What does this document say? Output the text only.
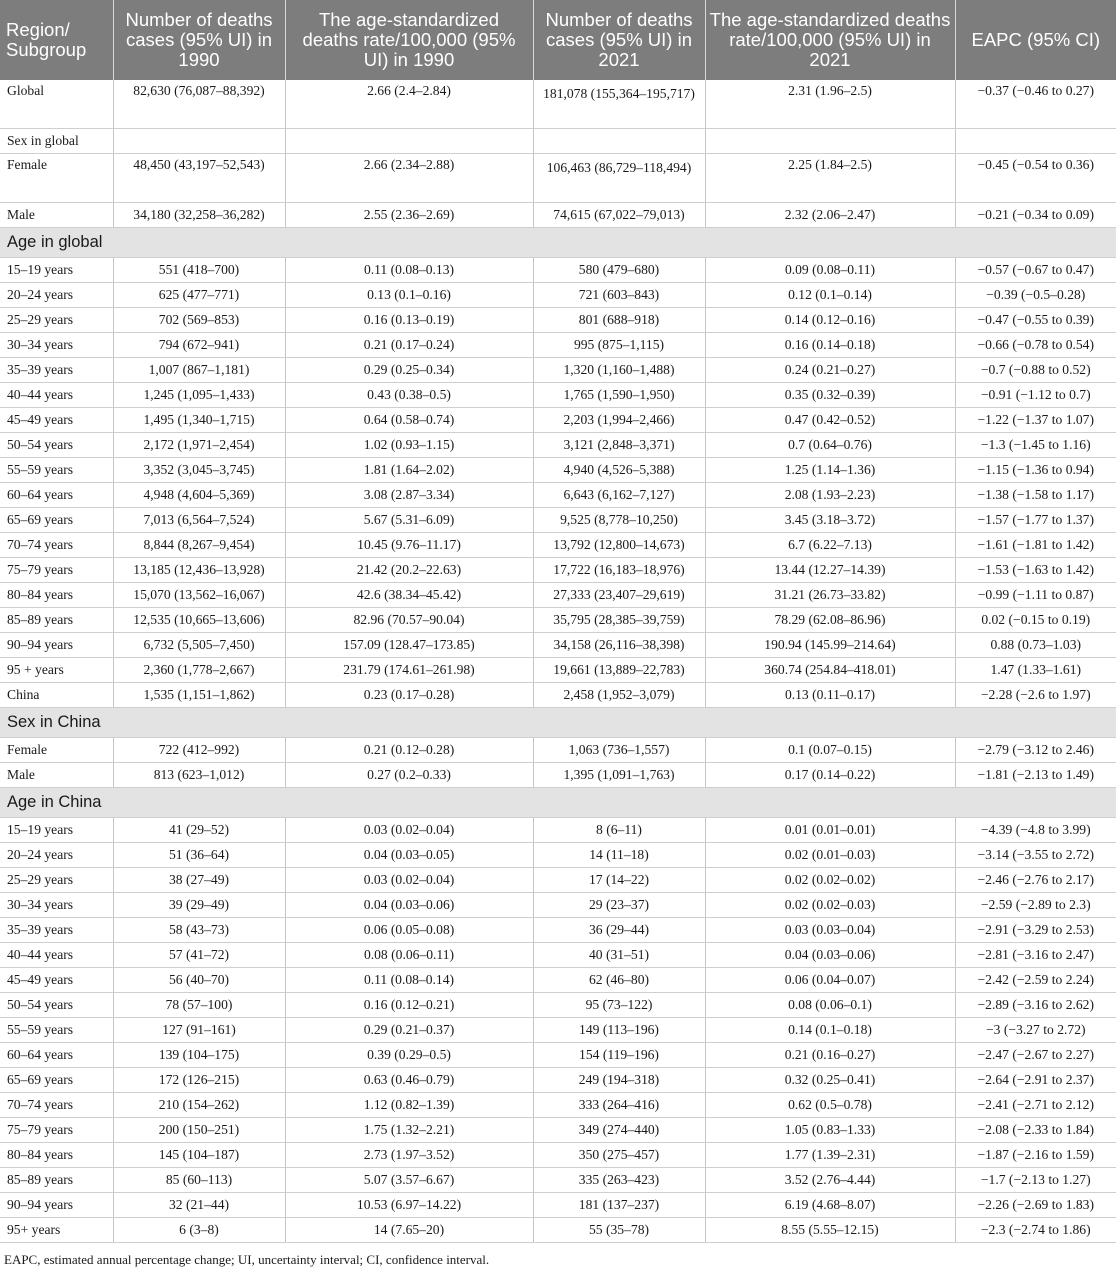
Region/ Subgroup	Number of deaths cases (95% UI) in 1990	The age-standardized deaths rate/100,000 (95% UI) in 1990	Number of deaths cases (95% UI) in 2021	The age-standardized deaths rate/100,000 (95% UI) in 2021	EAPC (95% CI)
Global	82,630 (76,087–88,392)	2.66 (2.4–2.84)	181,078 (155,364–195,717)	2.31 (1.96–2.5)	−0.37 (−0.46 to 0.27)
Sex in global					
Female	48,450 (43,197–52,543)	2.66 (2.34–2.88)	106,463 (86,729–118,494)	2.25 (1.84–2.5)	−0.45 (−0.54 to 0.36)
Male	34,180 (32,258–36,282)	2.55 (2.36–2.69)	74,615 (67,022–79,013)	2.32 (2.06–2.47)	−0.21 (−0.34 to 0.09)
Age in global					
15–19 years	551 (418–700)	0.11 (0.08–0.13)	580 (479–680)	0.09 (0.08–0.11)	−0.57 (−0.67 to 0.47)
20–24 years	625 (477–771)	0.13 (0.1–0.16)	721 (603–843)	0.12 (0.1–0.14)	−0.39 (−0.5–0.28)
25–29 years	702 (569–853)	0.16 (0.13–0.19)	801 (688–918)	0.14 (0.12–0.16)	−0.47 (−0.55 to 0.39)
30–34 years	794 (672–941)	0.21 (0.17–0.24)	995 (875–1,115)	0.16 (0.14–0.18)	−0.66 (−0.78 to 0.54)
35–39 years	1,007 (867–1,181)	0.29 (0.25–0.34)	1,320 (1,160–1,488)	0.24 (0.21–0.27)	−0.7 (−0.88 to 0.52)
40–44 years	1,245 (1,095–1,433)	0.43 (0.38–0.5)	1,765 (1,590–1,950)	0.35 (0.32–0.39)	−0.91 (−1.12 to 0.7)
45–49 years	1,495 (1,340–1,715)	0.64 (0.58–0.74)	2,203 (1,994–2,466)	0.47 (0.42–0.52)	−1.22 (−1.37 to 1.07)
50–54 years	2,172 (1,971–2,454)	1.02 (0.93–1.15)	3,121 (2,848–3,371)	0.7 (0.64–0.76)	−1.3 (−1.45 to 1.16)
55–59 years	3,352 (3,045–3,745)	1.81 (1.64–2.02)	4,940 (4,526–5,388)	1.25 (1.14–1.36)	−1.15 (−1.36 to 0.94)
60–64 years	4,948 (4,604–5,369)	3.08 (2.87–3.34)	6,643 (6,162–7,127)	2.08 (1.93–2.23)	−1.38 (−1.58 to 1.17)
65–69 years	7,013 (6,564–7,524)	5.67 (5.31–6.09)	9,525 (8,778–10,250)	3.45 (3.18–3.72)	−1.57 (−1.77 to 1.37)
70–74 years	8,844 (8,267–9,454)	10.45 (9.76–11.17)	13,792 (12,800–14,673)	6.7 (6.22–7.13)	−1.61 (−1.81 to 1.42)
75–79 years	13,185 (12,436–13,928)	21.42 (20.2–22.63)	17,722 (16,183–18,976)	13.44 (12.27–14.39)	−1.53 (−1.63 to 1.42)
80–84 years	15,070 (13,562–16,067)	42.6 (38.34–45.42)	27,333 (23,407–29,619)	31.21 (26.73–33.82)	−0.99 (−1.11 to 0.87)
85–89 years	12,535 (10,665–13,606)	82.96 (70.57–90.04)	35,795 (28,385–39,759)	78.29 (62.08–86.96)	0.02 (−0.15 to 0.19)
90–94 years	6,732 (5,505–7,450)	157.09 (128.47–173.85)	34,158 (26,116–38,398)	190.94 (145.99–214.64)	0.88 (0.73–1.03)
95 + years	2,360 (1,778–2,667)	231.79 (174.61–261.98)	19,661 (13,889–22,783)	360.74 (254.84–418.01)	1.47 (1.33–1.61)
China	1,535 (1,151–1,862)	0.23 (0.17–0.28)	2,458 (1,952–3,079)	0.13 (0.11–0.17)	−2.28 (−2.6 to 1.97)
Sex in China					
Female	722 (412–992)	0.21 (0.12–0.28)	1,063 (736–1,557)	0.1 (0.07–0.15)	−2.79 (−3.12 to 2.46)
Male	813 (623–1,012)	0.27 (0.2–0.33)	1,395 (1,091–1,763)	0.17 (0.14–0.22)	−1.81 (−2.13 to 1.49)
Age in China					
15–19 years	41 (29–52)	0.03 (0.02–0.04)	8 (6–11)	0.01 (0.01–0.01)	−4.39 (−4.8 to 3.99)
20–24 years	51 (36–64)	0.04 (0.03–0.05)	14 (11–18)	0.02 (0.01–0.03)	−3.14 (−3.55 to 2.72)
25–29 years	38 (27–49)	0.03 (0.02–0.04)	17 (14–22)	0.02 (0.02–0.02)	−2.46 (−2.76 to 2.17)
30–34 years	39 (29–49)	0.04 (0.03–0.06)	29 (23–37)	0.02 (0.02–0.03)	−2.59 (−2.89 to 2.3)
35–39 years	58 (43–73)	0.06 (0.05–0.08)	36 (29–44)	0.03 (0.03–0.04)	−2.91 (−3.29 to 2.53)
40–44 years	57 (41–72)	0.08 (0.06–0.11)	40 (31–51)	0.04 (0.03–0.06)	−2.81 (−3.16 to 2.47)
45–49 years	56 (40–70)	0.11 (0.08–0.14)	62 (46–80)	0.06 (0.04–0.07)	−2.42 (−2.59 to 2.24)
50–54 years	78 (57–100)	0.16 (0.12–0.21)	95 (73–122)	0.08 (0.06–0.1)	−2.89 (−3.16 to 2.62)
55–59 years	127 (91–161)	0.29 (0.21–0.37)	149 (113–196)	0.14 (0.1–0.18)	−3 (−3.27 to 2.72)
60–64 years	139 (104–175)	0.39 (0.29–0.5)	154 (119–196)	0.21 (0.16–0.27)	−2.47 (−2.67 to 2.27)
65–69 years	172 (126–215)	0.63 (0.46–0.79)	249 (194–318)	0.32 (0.25–0.41)	−2.64 (−2.91 to 2.37)
70–74 years	210 (154–262)	1.12 (0.82–1.39)	333 (264–416)	0.62 (0.5–0.78)	−2.41 (−2.71 to 2.12)
75–79 years	200 (150–251)	1.75 (1.32–2.21)	349 (274–440)	1.05 (0.83–1.33)	−2.08 (−2.33 to 1.84)
80–84 years	145 (104–187)	2.73 (1.97–3.52)	350 (275–457)	1.77 (1.39–2.31)	−1.87 (−2.16 to 1.59)
85–89 years	85 (60–113)	5.07 (3.57–6.67)	335 (263–423)	3.52 (2.76–4.44)	−1.7 (−2.13 to 1.27)
90–94 years	32 (21–44)	10.53 (6.97–14.22)	181 (137–237)	6.19 (4.68–8.07)	−2.26 (−2.69 to 1.83)
95+ years	6 (3–8)	14 (7.65–20)	55 (35–78)	8.55 (5.55–12.15)	−2.3 (−2.74 to 1.86)
EAPC, estimated annual percentage change; UI, uncertainty interval; CI, confidence interval.
